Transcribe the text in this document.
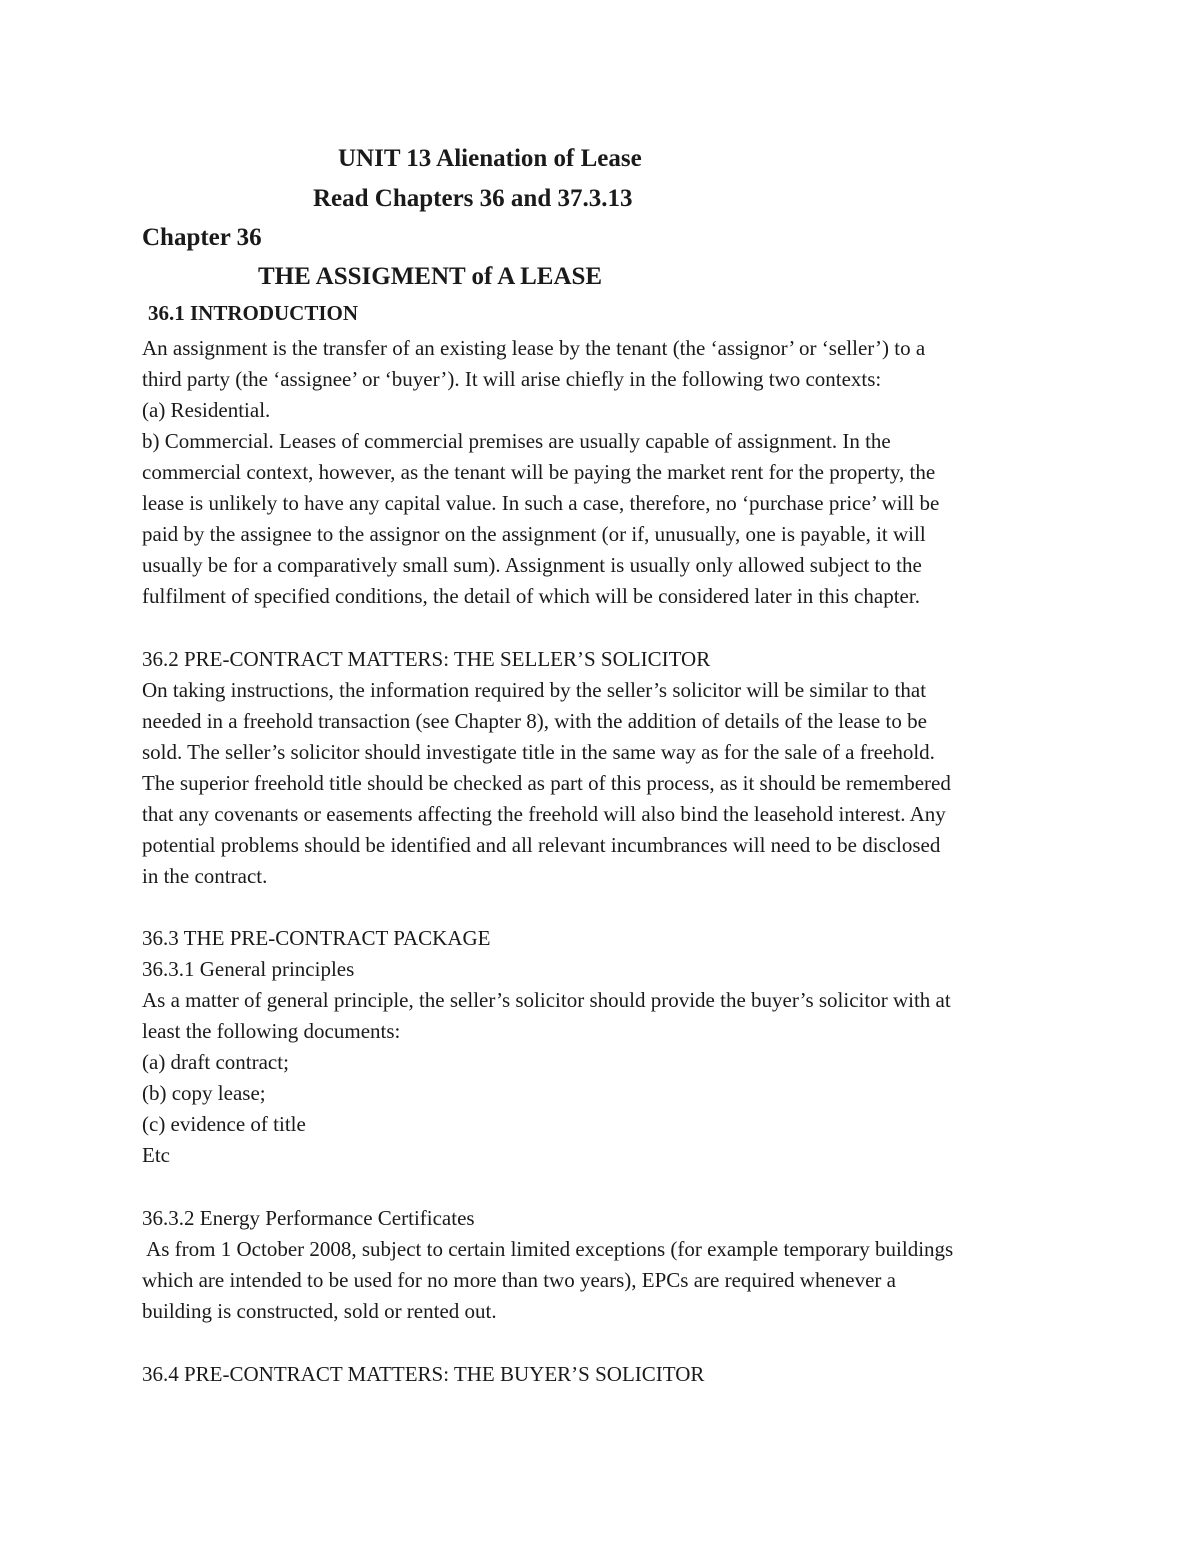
UNIT 13 Alienation of Lease
Read Chapters 36 and 37.3.13
Chapter 36
THE ASSIGMENT of A LEASE
36.1 INTRODUCTION
An assignment is the transfer of an existing lease by the tenant (the ‘assignor’ or ‘seller’) to a
third party (the ‘assignee’ or ‘buyer’). It will arise chiefly in the following two contexts:
(a) Residential.
b) Commercial. Leases of commercial premises are usually capable of assignment. In the
commercial context, however, as the tenant will be paying the market rent for the property, the
lease is unlikely to have any capital value. In such a case, therefore, no ‘purchase price’ will be
paid by the assignee to the assignor on the assignment (or if, unusually, one is payable, it will
usually be for a comparatively small sum). Assignment is usually only allowed subject to the
fulfilment of specified conditions, the detail of which will be considered later in this chapter.
36.2 PRE-CONTRACT MATTERS: THE SELLER’S SOLICITOR
On taking instructions, the information required by the seller’s solicitor will be similar to that
needed in a freehold transaction (see Chapter 8), with the addition of details of the lease to be
sold. The seller’s solicitor should investigate title in the same way as for the sale of a freehold.
The superior freehold title should be checked as part of this process, as it should be remembered
that any covenants or easements affecting the freehold will also bind the leasehold interest. Any
potential problems should be identified and all relevant incumbrances will need to be disclosed
in the contract.
36.3 THE PRE-CONTRACT PACKAGE
36.3.1 General principles
As a matter of general principle, the seller’s solicitor should provide the buyer’s solicitor with at
least the following documents:
(a) draft contract;
(b) copy lease;
(c) evidence of title
Etc
36.3.2 Energy Performance Certificates
As from 1 October 2008, subject to certain limited exceptions (for example temporary buildings
which are intended to be used for no more than two years), EPCs are required whenever a
building is constructed, sold or rented out.
36.4 PRE-CONTRACT MATTERS: THE BUYER’S SOLICITOR
